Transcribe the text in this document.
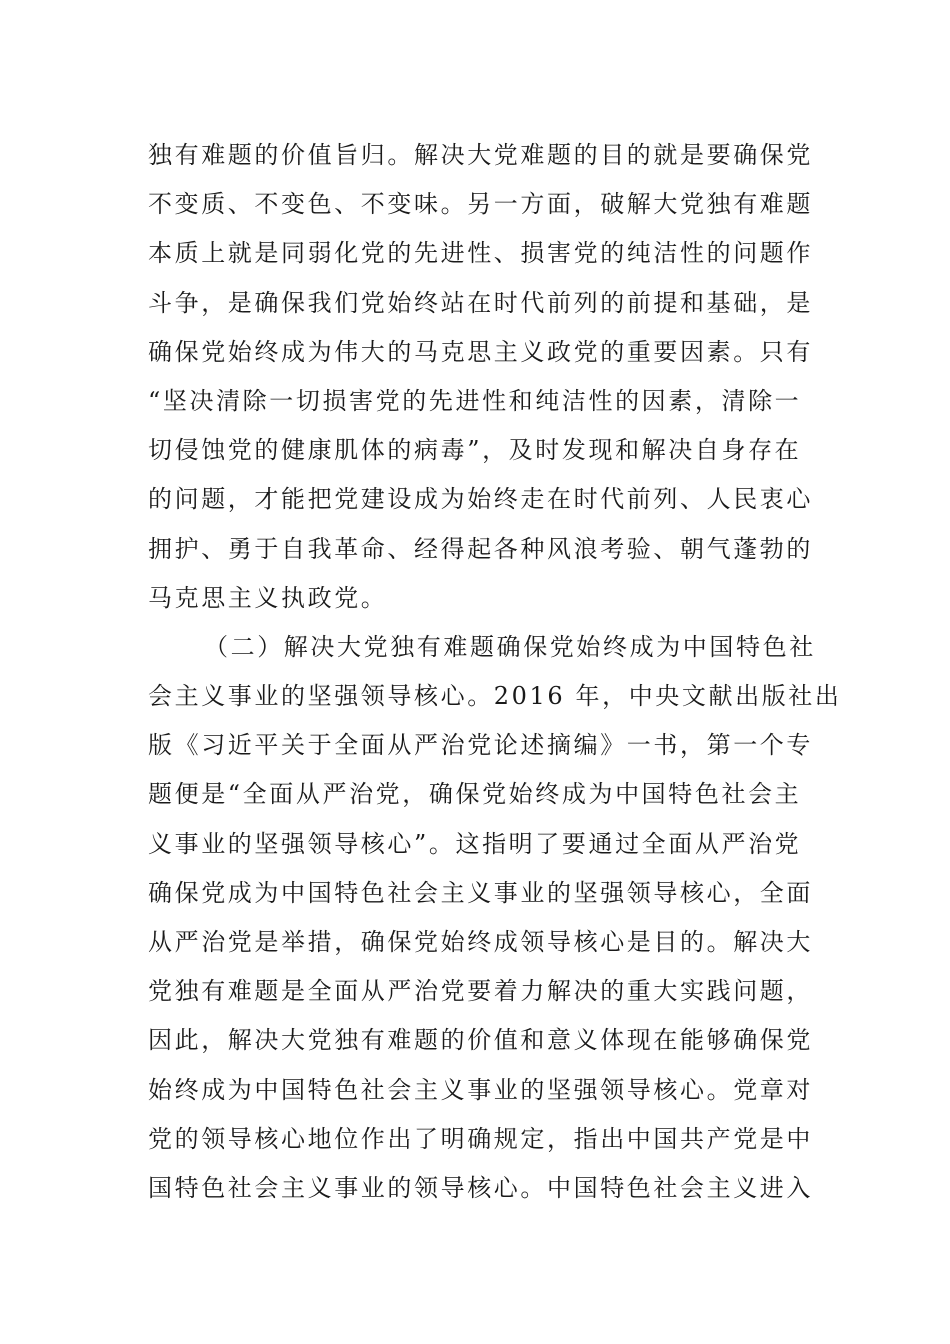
独有难题的价值旨归。解决大党难题的目的就是要确保党
不变质、不变色、不变味。另一方面，破解大党独有难题
本质上就是同弱化党的先进性、损害党的纯洁性的问题作
斗争，是确保我们党始终站在时代前列的前提和基础，是
确保党始终成为伟大的马克思主义政党的重要因素。只有
“坚决清除一切损害党的先进性和纯洁性的因素，清除一
切侵蚀党的健康肌体的病毒”，及时发现和解决自身存在
的问题，才能把党建设成为始终走在时代前列、人民衷心
拥护、勇于自我革命、经得起各种风浪考验、朝气蓬勃的
马克思主义执政党。
（二）解决大党独有难题确保党始终成为中国特色社
会主义事业的坚强领导核心。2016 年，中央文献出版社出
版《习近平关于全面从严治党论述摘编》一书，第一个专
题便是“全面从严治党，确保党始终成为中国特色社会主
义事业的坚强领导核心”。这指明了要通过全面从严治党
确保党成为中国特色社会主义事业的坚强领导核心，全面
从严治党是举措，确保党始终成领导核心是目的。解决大
党独有难题是全面从严治党要着力解决的重大实践问题，
因此，解决大党独有难题的价值和意义体现在能够确保党
始终成为中国特色社会主义事业的坚强领导核心。党章对
党的领导核心地位作出了明确规定，指出中国共产党是中
国特色社会主义事业的领导核心。中国特色社会主义进入
